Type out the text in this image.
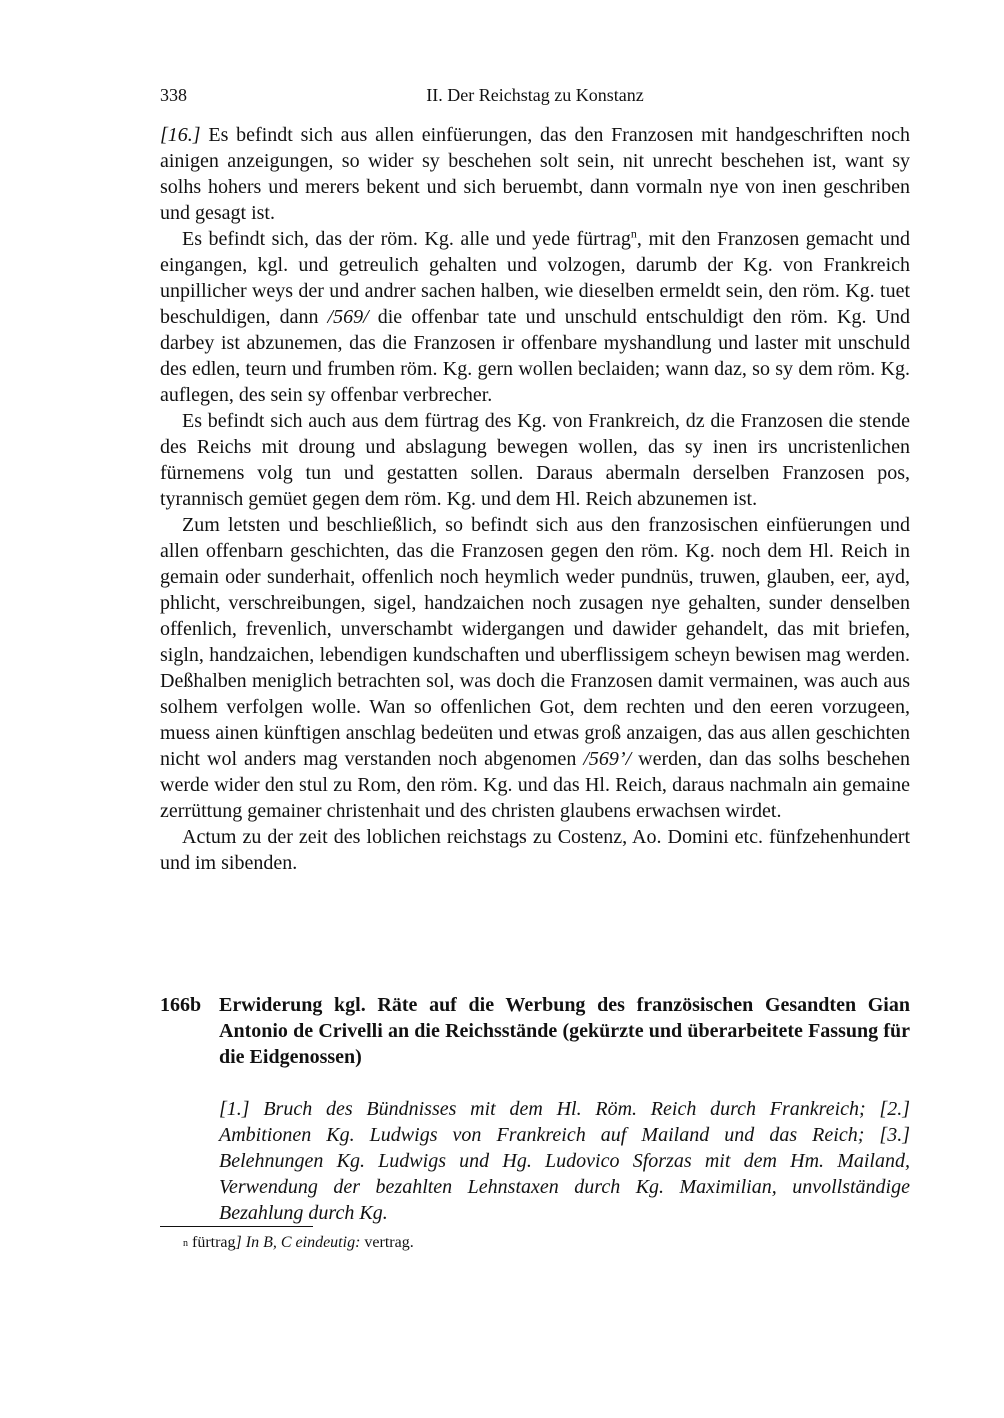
338	II. Der Reichstag zu Konstanz

[16.] Es befindt sich aus allen einfüerungen, das den Franzosen mit handgeschriften noch ainigen anzeigungen, so wider sy beschehen solt sein, nit unrecht beschehen ist, want sy solhs hohers und merers bekent und sich beruembt, dann vormaln nye von inen geschriben und gesagt ist.

Es befindt sich, das der röm. Kg. alle und yede fürtrag$^n$, mit den Franzosen gemacht und eingangen, kgl. und getreulich gehalten und volzogen, darumb der Kg. von Frankreich unpillicher weys der und andrer sachen halben, wie dieselben ermeldt sein, den röm. Kg. tuet beschuldigen, dann /569/ die offenbar tate und unschuld entschuldigt den röm. Kg. Und darbey ist abzunemen, das die Franzosen ir offenbare myshandlung und laster mit unschuld des edlen, teurn und frumben röm. Kg. gern wollen beclaiden; wann daz, so sy dem röm. Kg. auflegen, des sein sy offenbar verbrecher.

Es befindt sich auch aus dem fürtrag des Kg. von Frankreich, dz die Franzosen die stende des Reichs mit droung und abslagung bewegen wollen, das sy inen irs uncristenlichen fürnemens volg tun und gestatten sollen. Daraus abermaln derselben Franzosen pos, tyrannisch gemüet gegen dem röm. Kg. und dem Hl. Reich abzunemen ist.

Zum letsten und beschließlich, so befindt sich aus den franzosischen einfüerungen und allen offenbarn geschichten, das die Franzosen gegen den röm. Kg. noch dem Hl. Reich in gemain oder sunderhait, offenlich noch heymlich weder pundnüs, truwen, glauben, eer, ayd, phlicht, verschreibungen, sigel, handzaichen noch zusagen nye gehalten, sunder denselben offenlich, frevenlich, unverschambt widergangen und dawider gehandelt, das mit briefen, sigln, handzaichen, lebendigen kundschaften und uberflissigem scheyn bewisen mag werden. Deßhalben meniglich betrachten sol, was doch die Franzosen damit vermainen, was auch aus solhem verfolgen wolle. Wan so offenlichen Got, dem rechten und den eeren vorzugeen, muess ainen künftigen anschlag bedeüten und etwas groß anzaigen, das aus allen geschichten nicht wol anders mag verstanden noch abgenomen /569’/ werden, dan das solhs beschehen werde wider den stul zu Rom, den röm. Kg. und das Hl. Reich, daraus nachmaln ain gemaine zerrüttung gemainer christenhait und des christen glaubens erwachsen wirdet.

Actum zu der zeit des loblichen reichstags zu Costenz, Ao. Domini etc. fünfzehenhundert und im sibenden.

166b Erwiderung kgl. Räte auf die Werbung des französischen Gesandten Gian Antonio de Crivelli an die Reichsstände (gekürzte und überarbeitete Fassung für die Eidgenossen)
[1.] Bruch des Bündnisses mit dem Hl. Röm. Reich durch Frankreich; [2.] Ambitionen Kg. Ludwigs von Frankreich auf Mailand und das Reich; [3.] Belehnungen Kg. Ludwigs und Hg. Ludovico Sforzas mit dem Hm. Mailand, Verwendung der bezahlten Lehnstaxen durch Kg. Maximilian, unvollständige Bezahlung durch Kg.
$^n$ fürtrag] In B, C eindeutig: vertrag.
